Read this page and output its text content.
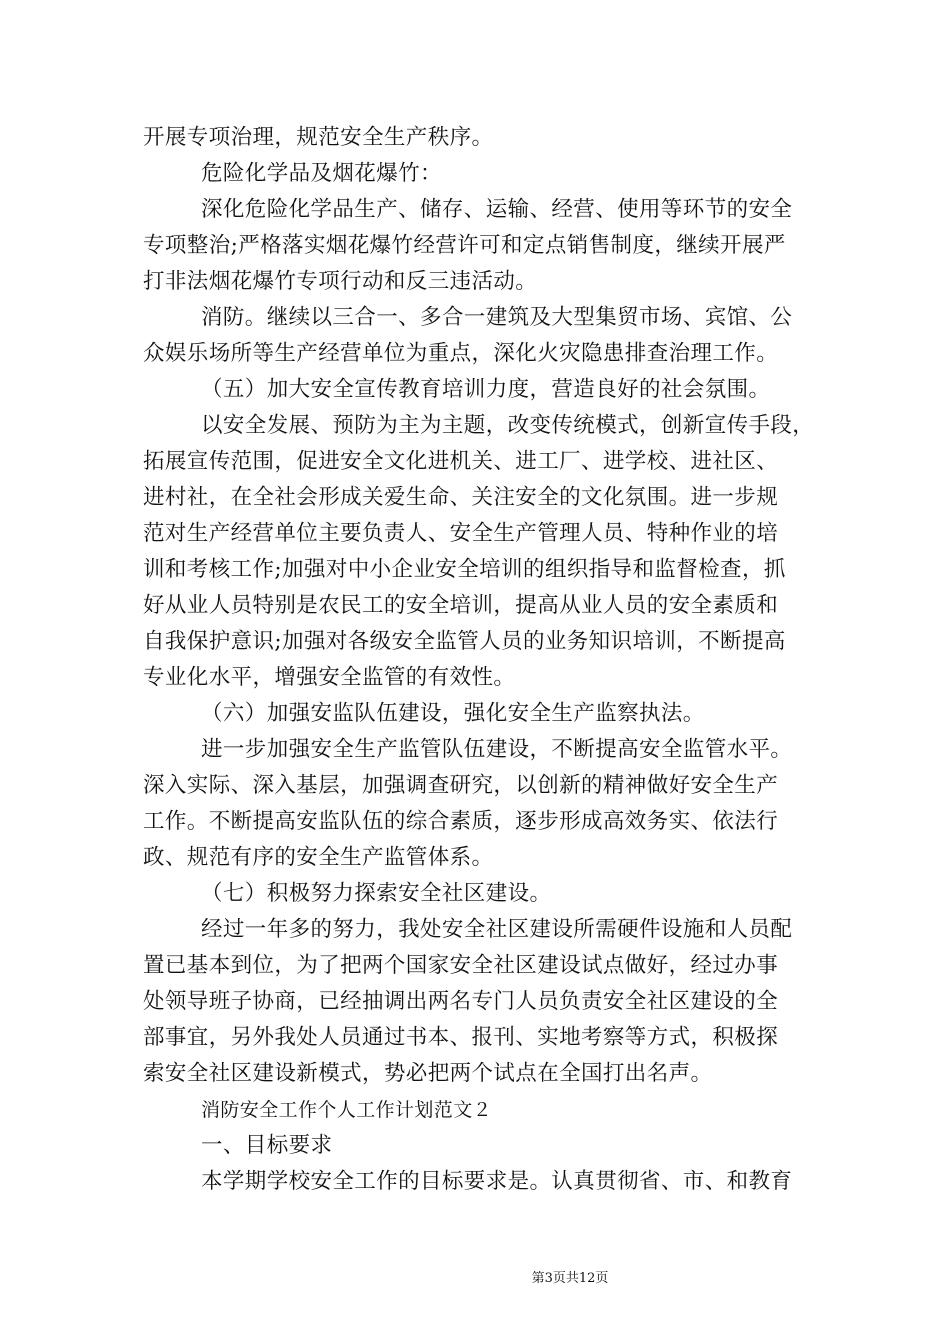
开展专项治理，规范安全生产秩序。
危险化学品及烟花爆竹：
深化危险化学品生产、储存、运输、经营、使用等环节的安全
专项整治;严格落实烟花爆竹经营许可和定点销售制度，继续开展严
打非法烟花爆竹专项行动和反三违活动。
消防。继续以三合一、多合一建筑及大型集贸市场、宾馆、公
众娱乐场所等生产经营单位为重点，深化火灾隐患排查治理工作。
（五）加大安全宣传教育培训力度，营造良好的社会氛围。
以安全发展、预防为主为主题，改变传统模式，创新宣传手段，
拓展宣传范围，促进安全文化进机关、进工厂、进学校、进社区、
进村社，在全社会形成关爱生命、关注安全的文化氛围。进一步规
范对生产经营单位主要负责人、安全生产管理人员、特种作业的培
训和考核工作;加强对中小企业安全培训的组织指导和监督检查，抓
好从业人员特别是农民工的安全培训，提高从业人员的安全素质和
自我保护意识;加强对各级安全监管人员的业务知识培训，不断提高
专业化水平，增强安全监管的有效性。
（六）加强安监队伍建设，强化安全生产监察执法。
进一步加强安全生产监管队伍建设，不断提高安全监管水平。
深入实际、深入基层，加强调查研究，以创新的精神做好安全生产
工作。不断提高安监队伍的综合素质，逐步形成高效务实、依法行
政、规范有序的安全生产监管体系。
（七）积极努力探索安全社区建设。
经过一年多的努力，我处安全社区建设所需硬件设施和人员配
置已基本到位，为了把两个国家安全社区建设试点做好，经过办事
处领导班子协商，已经抽调出两名专门人员负责安全社区建设的全
部事宜，另外我处人员通过书本、报刊、实地考察等方式，积极探
索安全社区建设新模式，势必把两个试点在全国打出名声。
消防安全工作个人工作计划范文２
一、目标要求
本学期学校安全工作的目标要求是。认真贯彻省、市、和教育
第3页共12页
